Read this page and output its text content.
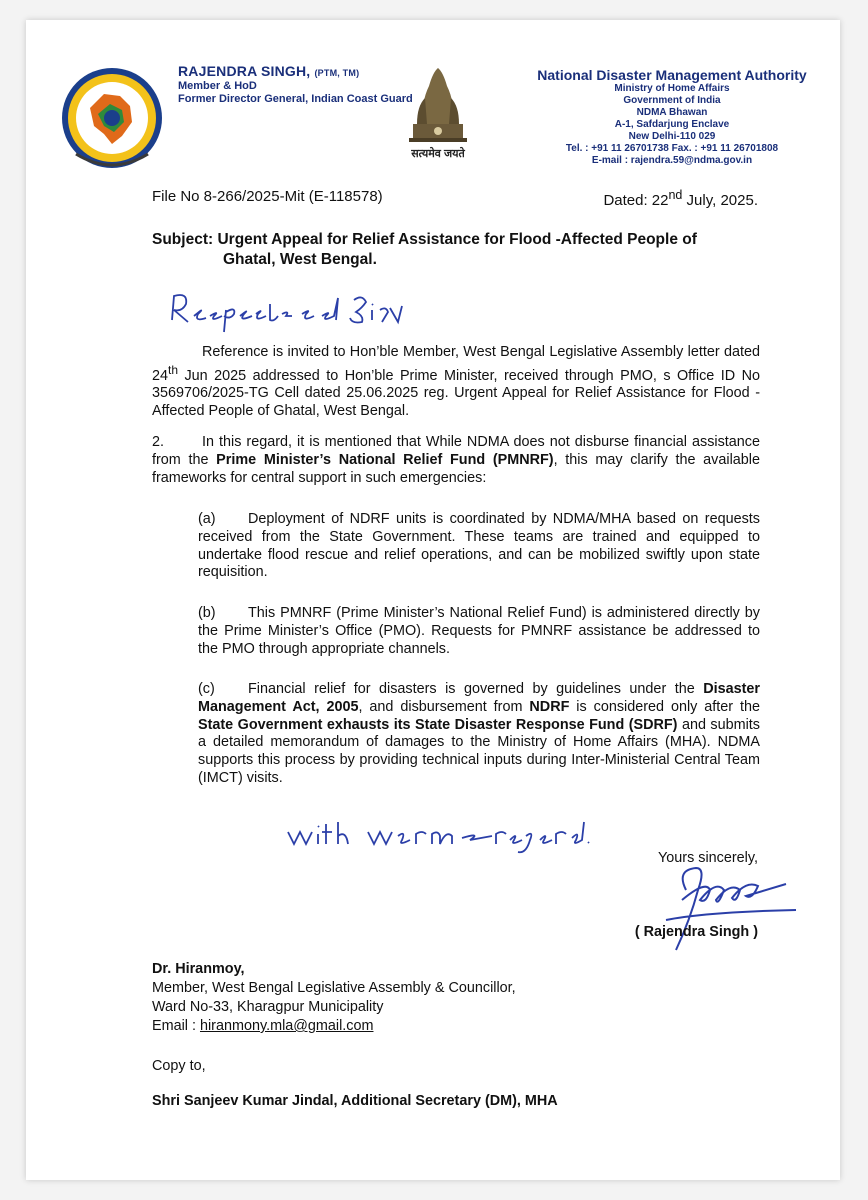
RAJENDRA SINGH, (PTM, TM)
Member & HoD
Former Director General, Indian Coast Guard
सत्यमेव जयते
National Disaster Management Authority
Ministry of Home Affairs
Government of India
NDMA Bhawan
A-1, Safdarjung Enclave
New Delhi-110 029
Tel. : +91 11 26701738 Fax. : +91 11 26701808
E-mail : rajendra.59@ndma.gov.in
File No 8-266/2025-Mit (E-118578)	Dated: 22nd July, 2025.
Subject: Urgent Appeal for Relief Assistance for Flood -Affected People of
Ghatal, West Bengal.
Reference is invited to Hon’ble Member, West Bengal Legislative Assembly letter dated 24th Jun 2025 addressed to Hon’ble Prime Minister, received through PMO, s Office ID No 3569706/2025-TG Cell dated 25.06.2025 reg. Urgent Appeal for Relief Assistance for Flood -Affected People of Ghatal, West Bengal.
2.	In this regard, it is mentioned that While NDMA does not disburse financial assistance from the Prime Minister’s National Relief Fund (PMNRF), this may clarify the available frameworks for central support in such emergencies:
(a) Deployment of NDRF units is coordinated by NDMA/MHA based on requests received from the State Government. These teams are trained and equipped to undertake flood rescue and relief operations, and can be mobilized swiftly upon state requisition.
(b) This PMNRF (Prime Minister’s National Relief Fund) is administered directly by the Prime Minister’s Office (PMO). Requests for PMNRF assistance be addressed to the PMO through appropriate channels.
(c) Financial relief for disasters is governed by guidelines under the Disaster Management Act, 2005, and disbursement from NDRF is considered only after the State Government exhausts its State Disaster Response Fund (SDRF) and submits a detailed memorandum of damages to the Ministry of Home Affairs (MHA). NDMA supports this process by providing technical inputs during Inter-Ministerial Central Team (IMCT) visits.
Yours sincerely,
( Rajendra Singh )
Dr. Hiranmoy,
Member, West Bengal Legislative Assembly & Councillor,
Ward No-33, Kharagpur Municipality
Email : hiranmony.mla@gmail.com
Copy to,
Shri Sanjeev Kumar Jindal, Additional Secretary (DM), MHA
